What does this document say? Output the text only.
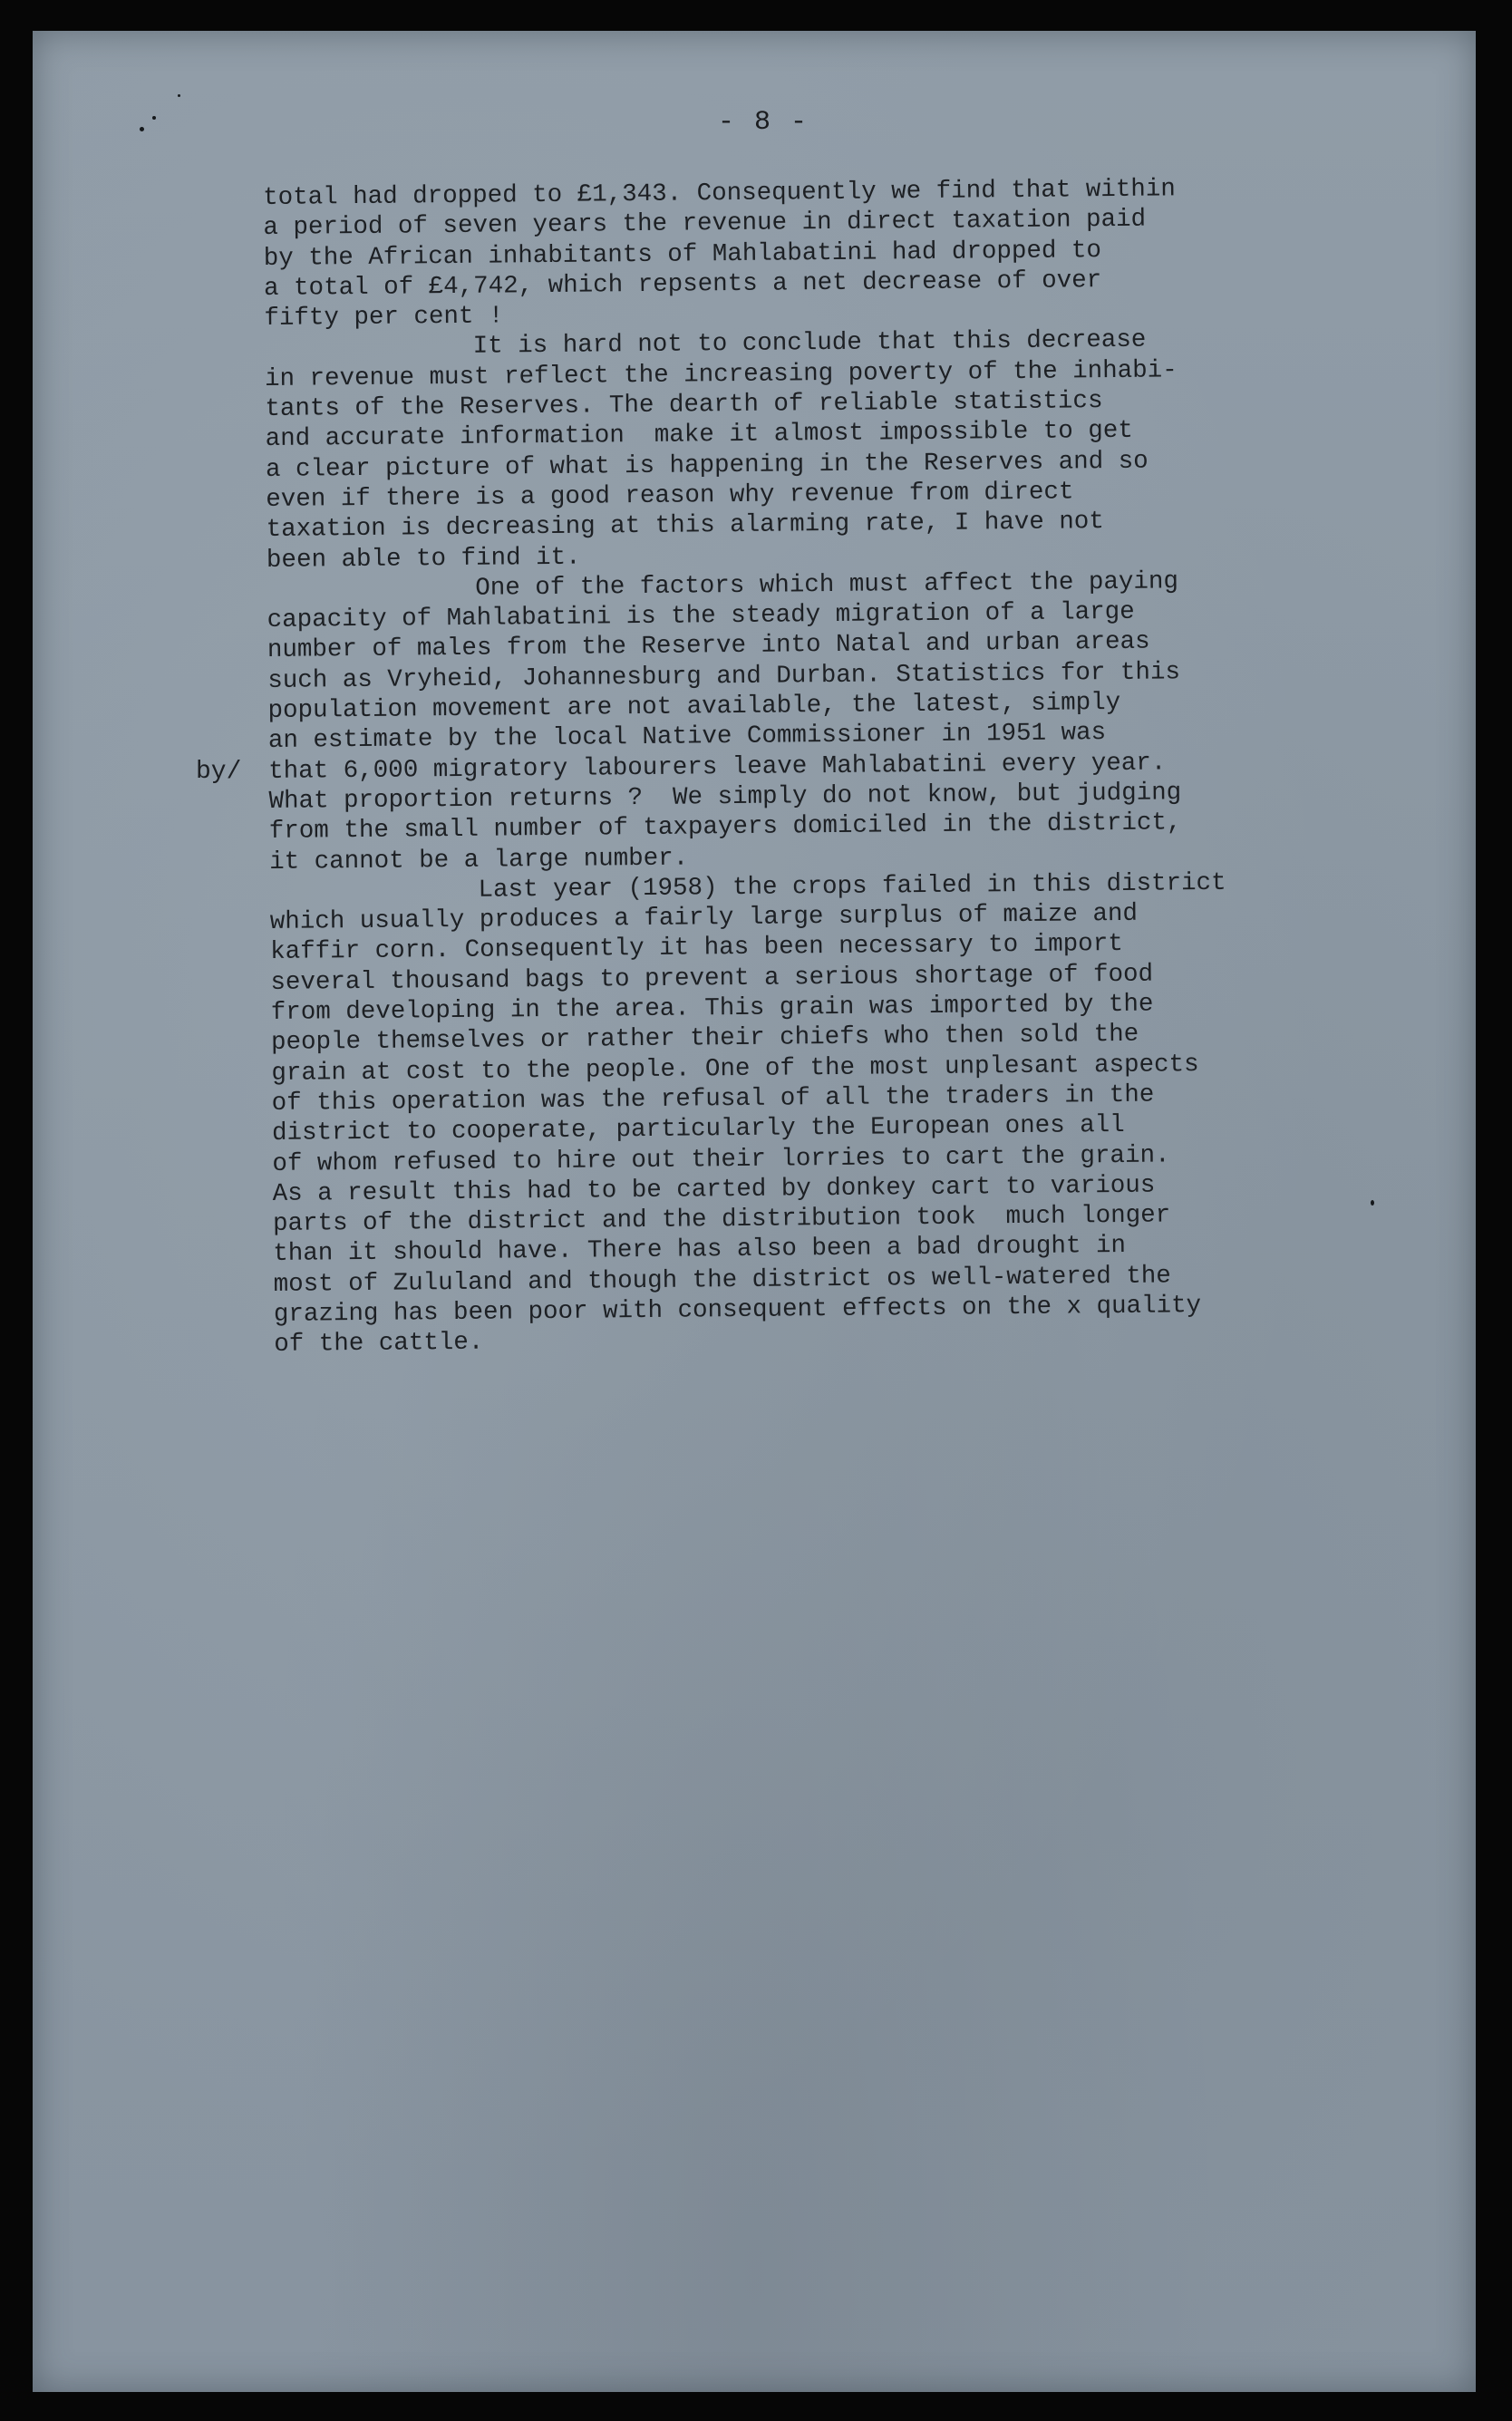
- 8 -
by/
total had dropped to £1,343. Consequently we find that within
a period of seven years the revenue in direct taxation paid
by the African inhabitants of Mahlabatini had dropped to
a total of £4,742, which repsents a net decrease of over
fifty per cent !
It is hard not to conclude that this decrease
in revenue must reflect the increasing poverty of the inhabi-
tants of the Reserves. The dearth of reliable statistics
and accurate information  make it almost impossible to get
a clear picture of what is happening in the Reserves and so
even if there is a good reason why revenue from direct
taxation is decreasing at this alarming rate, I have not
been able to find it.
One of the factors which must affect the paying
capacity of Mahlabatini is the steady migration of a large
number of males from the Reserve into Natal and urban areas
such as Vryheid, Johannesburg and Durban. Statistics for this
population movement are not available, the latest, simply
an estimate by the local Native Commissioner in 1951 was
that 6,000 migratory labourers leave Mahlabatini every year.
What proportion returns ?  We simply do not know, but judging
from the small number of taxpayers domiciled in the district,
it cannot be a large number.
Last year (1958) the crops failed in this district
which usually produces a fairly large surplus of maize and
kaffir corn. Consequently it has been necessary to import
several thousand bags to prevent a serious shortage of food
from developing in the area. This grain was imported by the
people themselves or rather their chiefs who then sold the
grain at cost to the people. One of the most unplesant aspects
of this operation was the refusal of all the traders in the
district to cooperate, particularly the European ones all
of whom refused to hire out their lorries to cart the grain.
As a result this had to be carted by donkey cart to various
parts of the district and the distribution took  much longer
than it should have. There has also been a bad drought in
most of Zululand and though the district os well-watered the
grazing has been poor with consequent effects on the x quality
of the cattle.
